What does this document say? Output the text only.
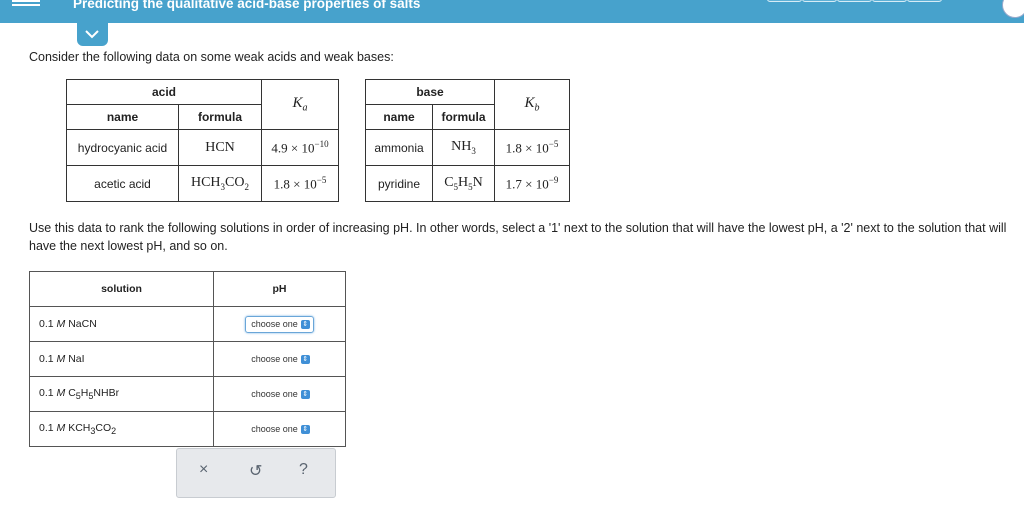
Predicting the qualitative acid-base properties of salts
Consider the following data on some weak acids and weak bases:
acid		$K_a$
name	formula	
hydrocyanic acid	HCN	$4.9 \times 10^{-10}$
acetic acid	$HCH_3CO_2$	$1.8 \times 10^{-5}$
base		$K_b$
name	formula	
ammonia	$NH_3$	$1.8 \times 10^{-5}$
pyridine	$C_5H_5N$	$1.7 \times 10^{-9}$
Use this data to rank the following solutions in order of increasing pH. In other words, select a '1' next to the solution that will have the lowest pH, a '2' next to the solution that will have the next lowest pH, and so on.
solution	pH
0.1 M NaCN	choose one ⇕
0.1 M NaI	choose one ⇕
0.1 M $C_5H_5NHBr$	choose one ⇕
0.1 M $KCH_3CO_2$	choose one ⇕
×	↺ ?
